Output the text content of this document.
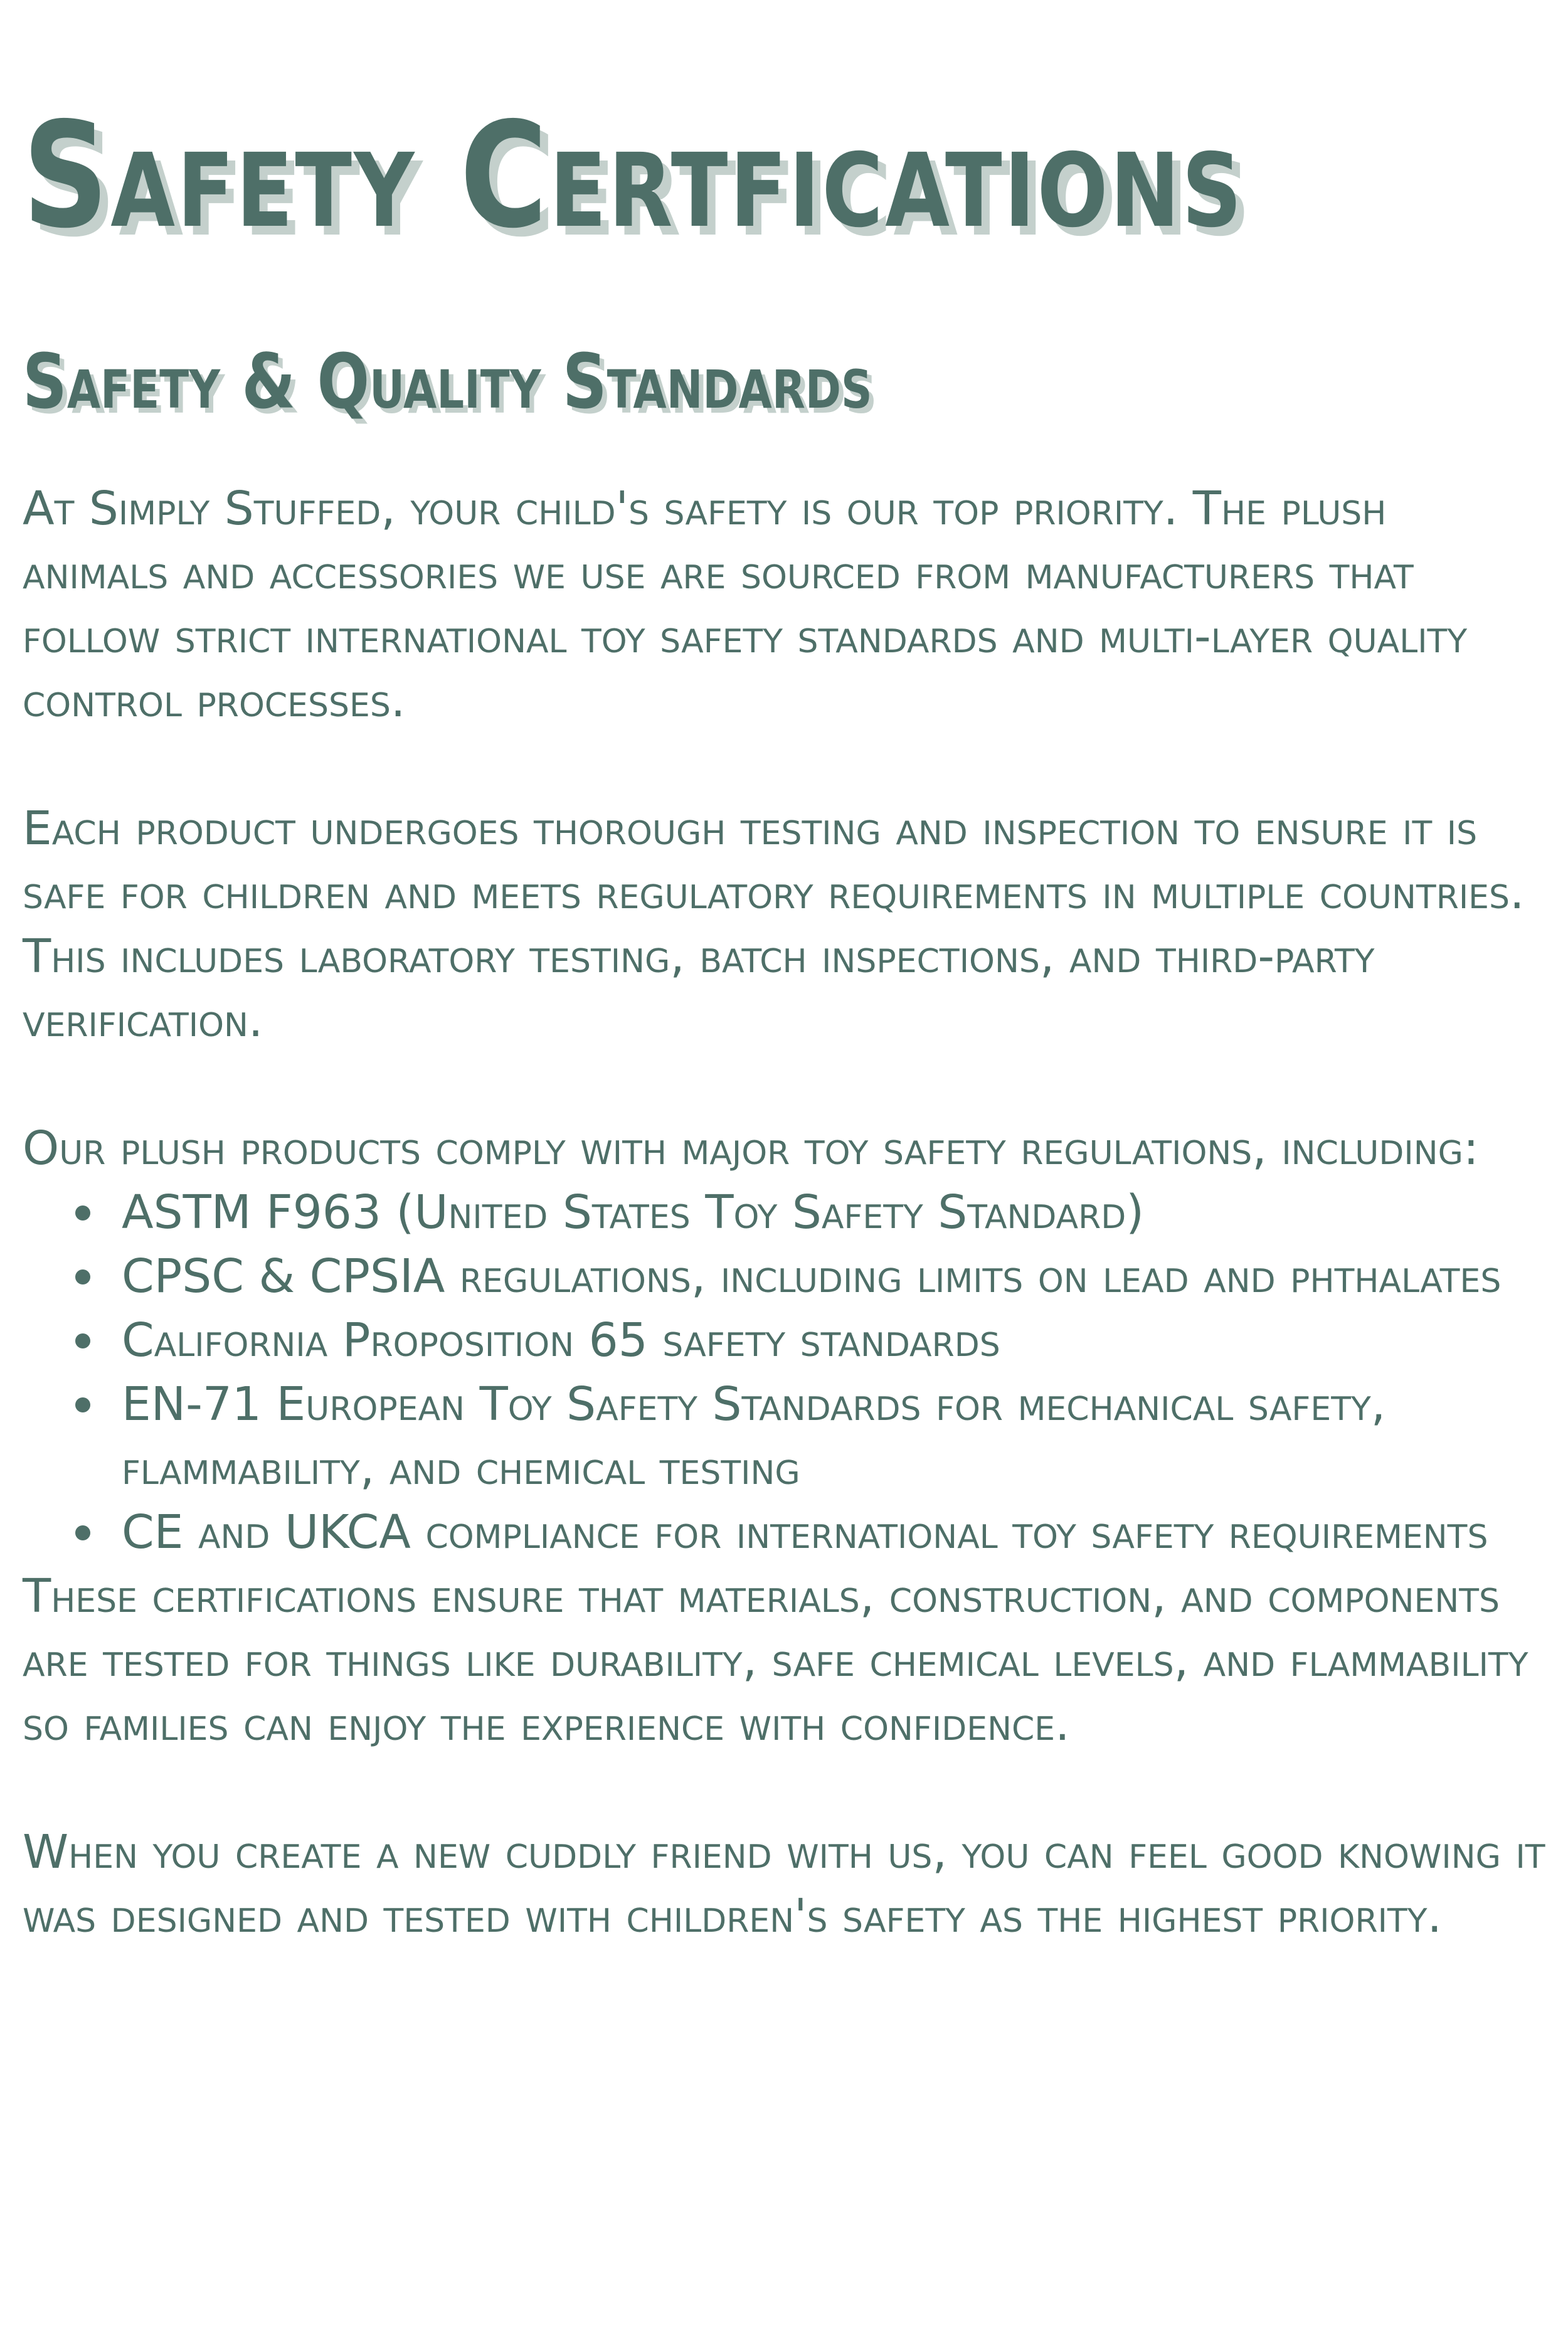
Safety Certfications
Safety & Quality Standards

At Simply Stuffed, your child's safety is our top priority. The plush animals and accessories we use are sourced from manufacturers that follow strict international toy safety standards and multi-layer quality control processes.

Each product undergoes thorough testing and inspection to ensure it is safe for children and meets regulatory requirements in multiple countries. This includes laboratory testing, batch inspections, and third-party verification.

Our plush products comply with major toy safety regulations, including:

ASTM F963 (United States Toy Safety Standard)
CPSC & CPSIA regulations, including limits on lead and phthalates
California Proposition 65 safety standards
EN-71 European Toy Safety Standards for mechanical safety, flammability, and chemical testing
CE and UKCA compliance for international toy safety requirements

These certifications ensure that materials, construction, and components are tested for things like durability, safe chemical levels, and flammability so families can enjoy the experience with confidence.

When you create a new cuddly friend with us, you can feel good knowing it was designed and tested with children's safety as the highest priority.
